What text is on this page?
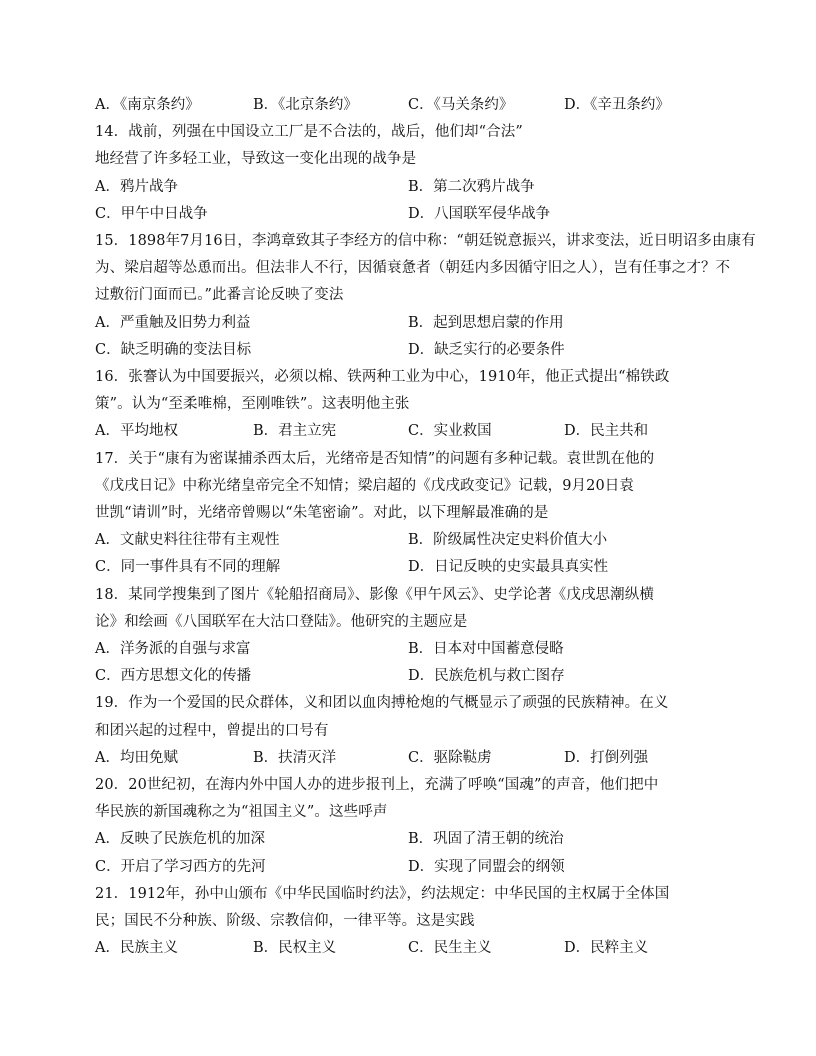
A．《南京条约》	B．《北京条约》	C．《马关条约》	D．《辛丑条约》
14．战前，列强在中国设立工厂是不合法的，战后，他们却“合法”
地经营了许多轻工业，导致这一变化出现的战争是
A．鸦片战争	B．第二次鸦片战争
C．甲午中日战争	D．八国联军侵华战争
15．1898年7月16日，李鸿章致其子李经方的信中称：“朝廷锐意振兴，讲求变法，近日明诏多由康有
为、梁启超等怂恿而出。但法非人不行，因循衰惫者（朝廷内多因循守旧之人），岂有任事之才？不
过敷衍门面而已。”此番言论反映了变法
A．严重触及旧势力利益	B．起到思想启蒙的作用
C．缺乏明确的变法目标	D．缺乏实行的必要条件
16．张謇认为中国要振兴，必须以棉、铁两种工业为中心，1910年，他正式提出“棉铁政
策”。认为“至柔唯棉，至刚唯铁”。这表明他主张
A．平均地权	B．君主立宪	C．实业救国	D．民主共和
17．关于“康有为密谋捕杀西太后，光绪帝是否知情”的问题有多种记载。袁世凯在他的
《戊戌日记》中称光绪皇帝完全不知情；梁启超的《戊戌政变记》记载，9月20日袁
世凯“请训”时，光绪帝曾赐以“朱笔密谕”。对此，以下理解最准确的是
A．文献史料往往带有主观性	B．阶级属性决定史料价值大小
C．同一事件具有不同的理解	D．日记反映的史实最具真实性
18．某同学搜集到了图片《轮船招商局》、影像《甲午风云》、史学论著《戊戌思潮纵横
论》和绘画《八国联军在大沽口登陆》。他研究的主题应是
A．洋务派的自强与求富	B．日本对中国蓄意侵略
C．西方思想文化的传播	D．民族危机与救亡图存
19．作为一个爱国的民众群体，义和团以血肉搏枪炮的气概显示了顽强的民族精神。在义
和团兴起的过程中，曾提出的口号有
A．均田免赋	B．扶清灭洋	C．驱除鞑虏	D．打倒列强
20．20世纪初，在海内外中国人办的进步报刊上，充满了呼唤“国魂”的声音，他们把中
华民族的新国魂称之为“祖国主义”。这些呼声
A．反映了民族危机的加深	B．巩固了清王朝的统治
C．开启了学习西方的先河	D．实现了同盟会的纲领
21．1912年，孙中山颁布《中华民国临时约法》，约法规定：中华民国的主权属于全体国
民；国民不分种族、阶级、宗教信仰，一律平等。这是实践
A．民族主义	B．民权主义	C．民生主义	D．民粹主义
